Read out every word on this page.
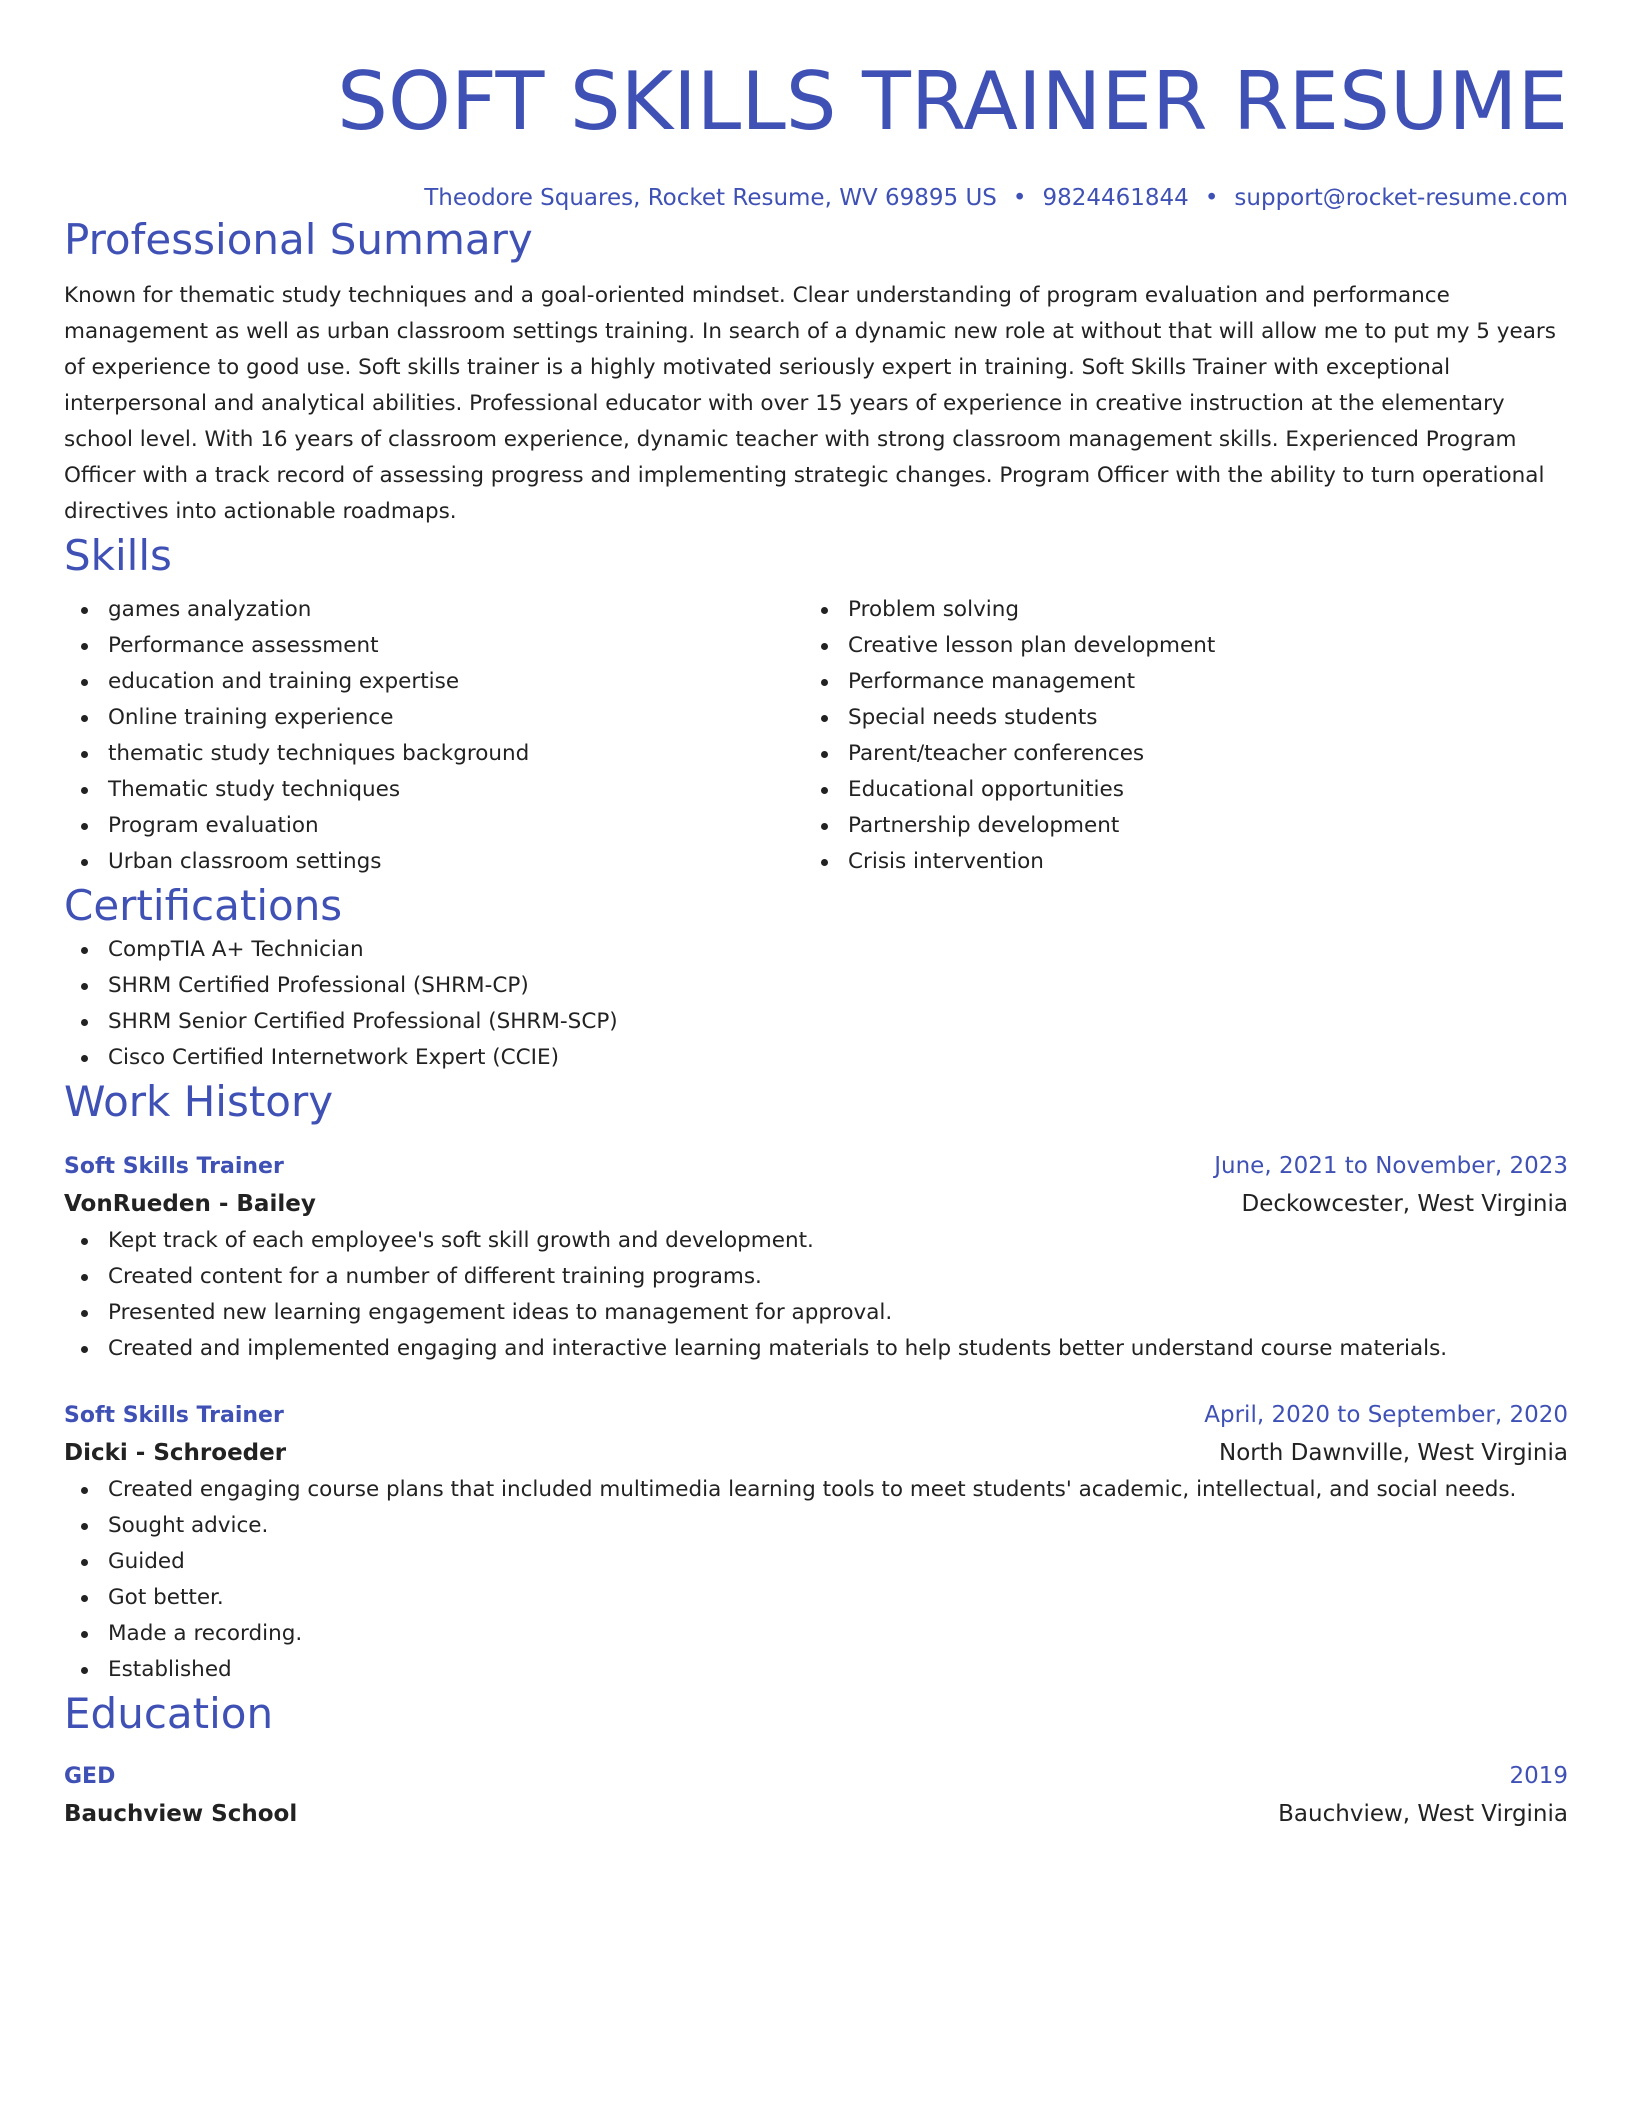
SOFT SKILLS TRAINER RESUME
Theodore Squares, Rocket Resume, WV 69895 US • 9824461844 • support@rocket-resume.com
Professional Summary
Known for thematic study techniques and a goal-oriented mindset. Clear understanding of program evaluation and performance management as well as urban classroom settings training. In search of a dynamic new role at without that will allow me to put my 5 years of experience to good use. Soft skills trainer is a highly motivated seriously expert in training. Soft Skills Trainer with exceptional interpersonal and analytical abilities. Professional educator with over 15 years of experience in creative instruction at the elementary school level. With 16 years of classroom experience, dynamic teacher with strong classroom management skills. Experienced Program Officer with a track record of assessing progress and implementing strategic changes. Program Officer with the ability to turn operational directives into actionable roadmaps.
Skills
games analyzation
Performance assessment
education and training expertise
Online training experience
thematic study techniques background
Thematic study techniques
Program evaluation
Urban classroom settings
Problem solving
Creative lesson plan development
Performance management
Special needs students
Parent/teacher conferences
Educational opportunities
Partnership development
Crisis intervention
Certifications
CompTIA A+ Technician
SHRM Certified Professional (SHRM-CP)
SHRM Senior Certified Professional (SHRM-SCP)
Cisco Certified Internetwork Expert (CCIE)
Work History
Soft Skills Trainer	June, 2021 to November, 2023
VonRueden - Bailey	Deckowcester, West Virginia
Kept track of each employee's soft skill growth and development.
Created content for a number of different training programs.
Presented new learning engagement ideas to management for approval.
Created and implemented engaging and interactive learning materials to help students better understand course materials.
Soft Skills Trainer	April, 2020 to September, 2020
Dicki - Schroeder	North Dawnville, West Virginia
Created engaging course plans that included multimedia learning tools to meet students' academic, intellectual, and social needs.
Sought advice.
Guided
Got better.
Made a recording.
Established
Education
GED	2019
Bauchview School	Bauchview, West Virginia
